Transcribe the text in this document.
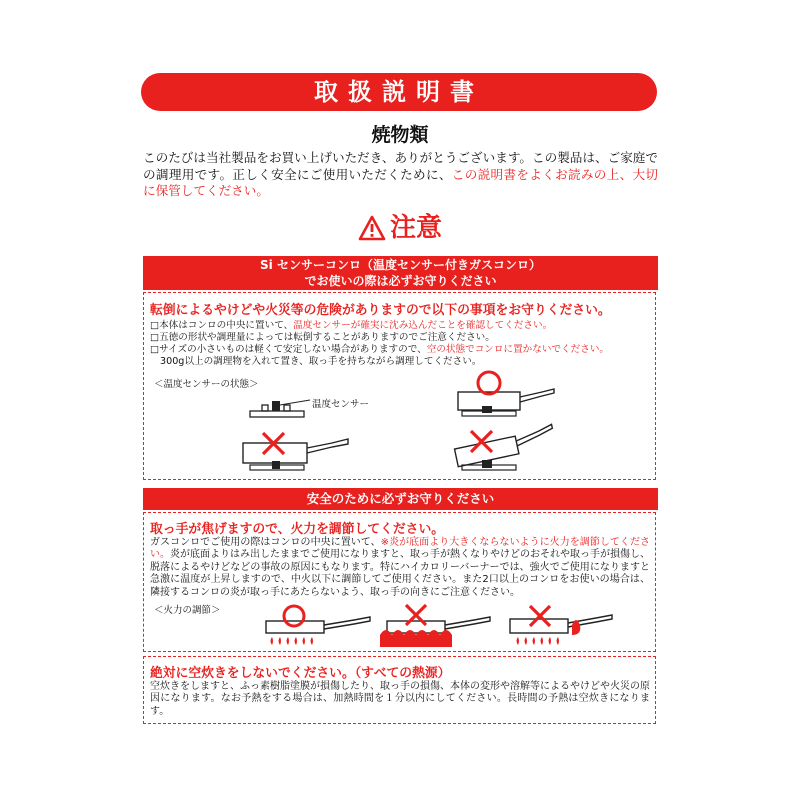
取扱説明書
焼物類
このたびは当社製品をお買い上げいただき、ありがとうございます。この製品は、ご家庭での調理用です。正しく安全にご使用いただくために、この説明書をよくお読みの上、大切に保管してください。
注意
Si センサーコンロ（温度センサー付きガスコンロ）
でお使いの際は必ずお守りください
転倒によるやけどや火災等の危険がありますので以下の事項をお守りください。
□本体はコンロの中央に置いて、温度センサーが確実に沈み込んだことを確認してください。
□五徳の形状や調理量によっては転倒することがありますのでご注意ください。
□サイズの小さいものは軽くて安定しない場合がありますので、空の状態でコンロに置かないでください。
300g以上の調理物を入れて置き、取っ手を持ちながら調理してください。
＜温度センサーの状態＞
温度センサー
安全のために必ずお守りください
取っ手が焦げますので、火力を調節してください。
ガスコンロでご使用の際はコンロの中央に置いて、※炎が底面より大きくならないように火力を調節してください。炎が底面よりはみ出したままでご使用になりますと、取っ手が熱くなりやけどのおそれや取っ手が損傷し、脱落によるやけどなどの事故の原因にもなります。特にハイカロリーバーナーでは、強火でご使用になりますと急激に温度が上昇しますので、中火以下に調節してご使用ください。また2口以上のコンロをお使いの場合は、隣接するコンロの炎が取っ手にあたらないよう、取っ手の向きにご注意ください。
＜火力の調節＞
絶対に空炊きをしないでください。（すべての熱源）
空炊きをしますと、ふっ素樹脂塗膜が損傷したり、取っ手の損傷、本体の変形や溶解等によるやけどや火災の原因になります。なお予熱をする場合は、加熱時間を１分以内にしてください。長時間の予熱は空炊きになります。
